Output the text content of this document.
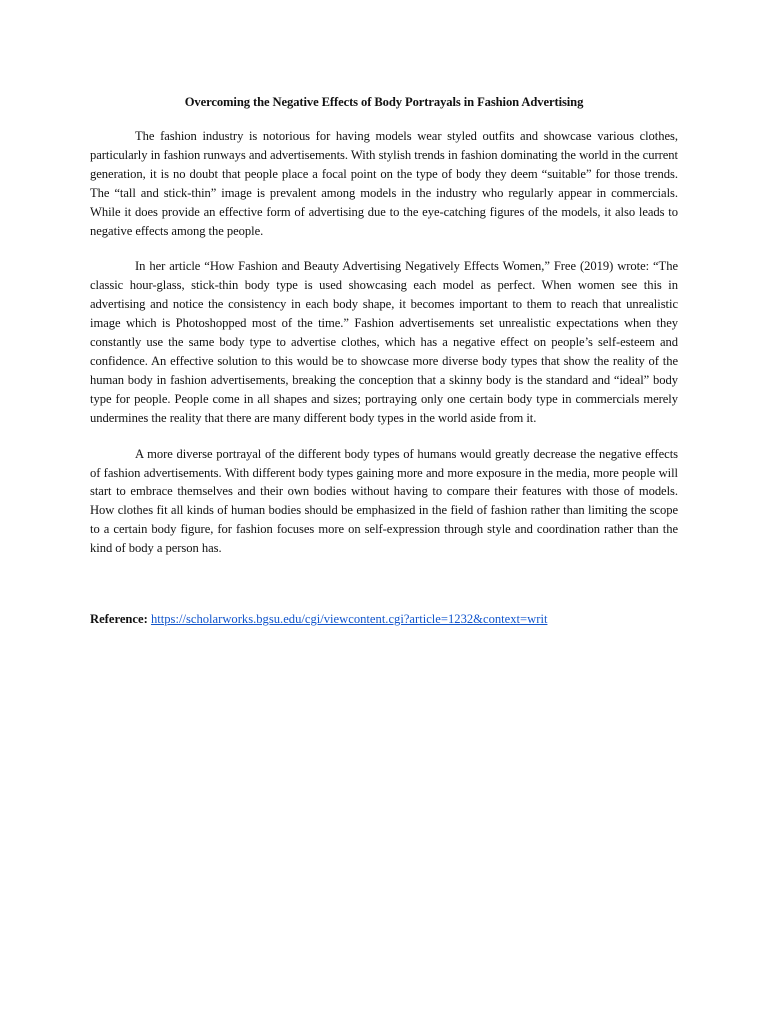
Overcoming the Negative Effects of Body Portrayals in Fashion Advertising

The fashion industry is notorious for having models wear styled outfits and showcase various clothes, particularly in fashion runways and advertisements. With stylish trends in fashion dominating the world in the current generation, it is no doubt that people place a focal point on the type of body they deem “suitable” for those trends. The “tall and stick-thin” image is prevalent among models in the industry who regularly appear in commercials. While it does provide an effective form of advertising due to the eye-catching figures of the models, it also leads to negative effects among the people.

In her article “How Fashion and Beauty Advertising Negatively Effects Women,” Free (2019) wrote: “The classic hour-glass, stick-thin body type is used showcasing each model as perfect. When women see this in advertising and notice the consistency in each body shape, it becomes important to them to reach that unrealistic image which is Photoshopped most of the time.” Fashion advertisements set unrealistic expectations when they constantly use the same body type to advertise clothes, which has a negative effect on people’s self-esteem and confidence. An effective solution to this would be to showcase more diverse body types that show the reality of the human body in fashion advertisements, breaking the conception that a skinny body is the standard and “ideal” body type for people. People come in all shapes and sizes; portraying only one certain body type in commercials merely undermines the reality that there are many different body types in the world aside from it.

A more diverse portrayal of the different body types of humans would greatly decrease the negative effects of fashion advertisements. With different body types gaining more and more exposure in the media, more people will start to embrace themselves and their own bodies without having to compare their features with those of models. How clothes fit all kinds of human bodies should be emphasized in the field of fashion rather than limiting the scope to a certain body figure, for fashion focuses more on self-expression through style and coordination rather than the kind of body a person has.

Reference: https://scholarworks.bgsu.edu/cgi/viewcontent.cgi?article=1232&context=writ
